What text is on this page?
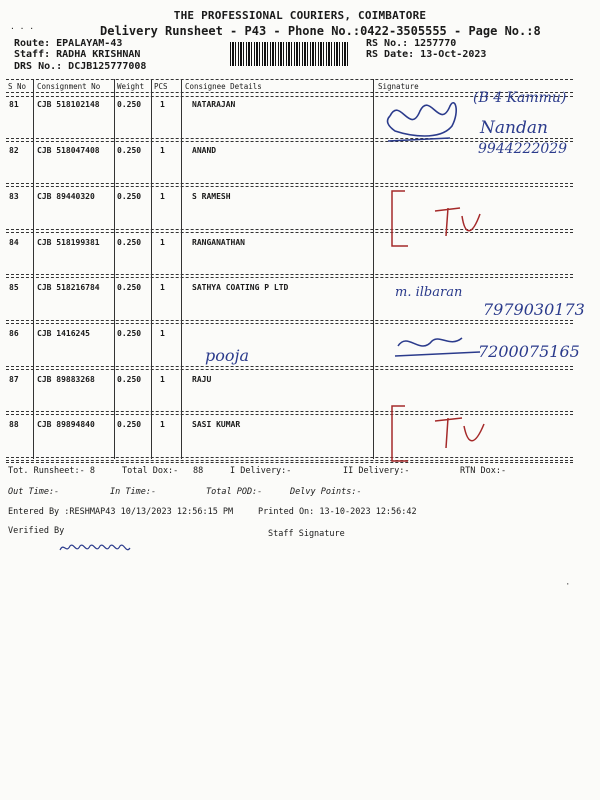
· · ·
THE PROFESSIONAL COURIERS, COIMBATORE
Delivery Runsheet - P43 - Phone No.:0422-3505555 - Page No.:8
Route: EPALAYAM-43
Staff: RADHA KRISHNAN
DRS No.: DCJB125777008
RS No.: 1257770
RS Date: 13-Oct-2023
S No Consignment No Weight PCS Consignee Details	Signature
81 CJB 518102148 0.250 1	NATARAJAN
82 CJB 518047408 0.250 1	ANAND
83 CJB 89440320	0.250 1	S RAMESH
84 CJB 518199381 0.250 1	RANGANATHAN
85 CJB 518216784 0.250 1	SATHYA COATING P LTD
86 CJB 1416245	0.250 1
87 CJB 89883268	0.250 1	RAJU
88 CJB 89894840	0.250 1	SASI KUMAR
(B 4 Kammu)
Nandan
9944222029
pooja
m. ilbaran
7979030173
7200075165
Tot. Runsheet:- 8	Total Dox:- 88	I Delivery:-	II Delivery:-	RTN Dox:-
Out Time:-	In Time:-	Total POD:-	Delvy Points:-
Entered By :RESHMAP43 10/13/2023 12:56:15 PM	Printed On: 13-10-2023 12:56:42
Verified By	Staff Signature
·
